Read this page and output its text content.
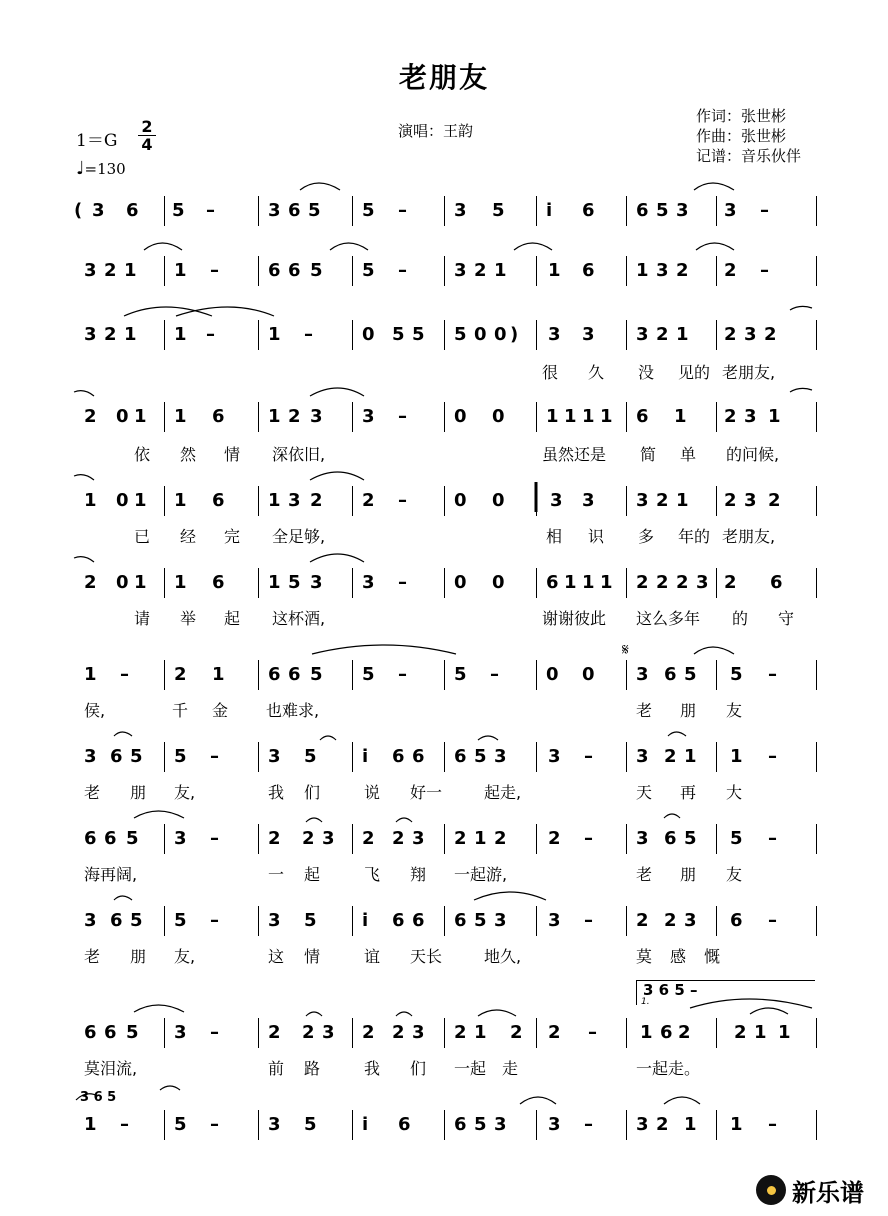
老朋友
1＝G
2
4
♩=130
演唱：王韵
作词：张世彬
作曲：张世彬
记谱：音乐伙伴
( 3 6 5 –	3 6 5 5 –	3 5 i 6 6 5 3 3 –
3 2 1 1 –	6 6 5 5 –	3 2 1 1 6 1 3 2 2 –
3 2 1 1 –	1 –	0 5 5 5 0 0 ) 3 3 3 2 1 2 3 2
2 0 1 1 6 1 2 3 3 –	0 0 1 1 1 1 6 1 2 3 1
1 0 1 1 6 1 3 2 2 –	0 0	3 3 3 2 1 2 3 2
2 0 1 1 6 1 5 3 3 –	0 0 6 1 1 1 2 2 2 3 2 6
1 –	2 1 6 6 5 5 –	5 –	0 0 3 6 5 5 –
3 6 5 5 –	3 5	i 6 6 6 5 3 3 – 3 2 1 1 –
6 6 5 3 –	2 2 3 2 2 3 2 1 2 2 – 3 6 5 5 –
3 6 5 5 –	3 5	i 6 6 6 5 3 3 – 2 2 3 6 –
6 6 5 3 –	2 2 3 2 2 3 2 1 2 2 – 1 6 2 2 1 1
1 –	5 –	3 5	i 6 6 5 3 3 – 3 2 1 1 –
很 久 没 见的 老朋友,
依 然 情 深依旧,	虽然还是 简 单 的问候,
已 经 完 全足够,	相 识 多 年的 老朋友,
请 举 起 这杯酒,	谢谢彼此 这么多年 的 守
侯,	千 金 也难求,	老 朋 友
老 朋 友,	我 们	说 好一	起走,	天 再 大
海再阔,	一 起	飞 翔 一起游,	老 朋 友
老 朋 友,	这 情	谊 天长	地久,	莫 感 慨
莫泪流,	前 路	我 们 一起 走	一起走。
𝄋
3 6 5 –
1.
3 6 5
新乐谱
